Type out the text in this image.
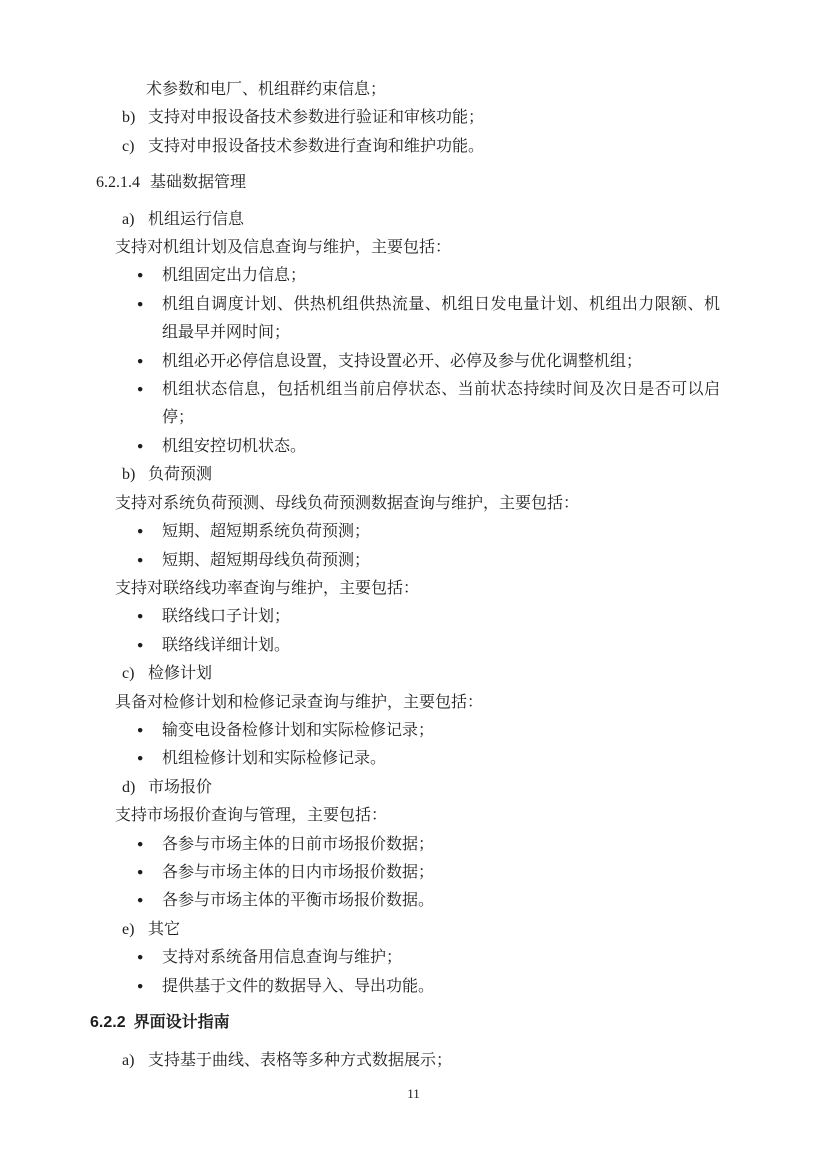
术参数和电厂、机组群约束信息；
b) 支持对申报设备技术参数进行验证和审核功能；
c) 支持对申报设备技术参数进行查询和维护功能。
6.2.1.4 基础数据管理
a) 机组运行信息
支持对机组计划及信息查询与维护，主要包括：
●	机组固定出力信息；
●	机组自调度计划、供热机组供热流量、机组日发电量计划、机组出力限额、机组最早并网时间；
●	机组必开必停信息设置，支持设置必开、必停及参与优化调整机组；
●	机组状态信息，包括机组当前启停状态、当前状态持续时间及次日是否可以启停；
●	机组安控切机状态。
b) 负荷预测
支持对系统负荷预测、母线负荷预测数据查询与维护，主要包括：
●	短期、超短期系统负荷预测；
●	短期、超短期母线负荷预测；
支持对联络线功率查询与维护，主要包括：
●	联络线口子计划；
●	联络线详细计划。
c) 检修计划
具备对检修计划和检修记录查询与维护，主要包括：
●	输变电设备检修计划和实际检修记录；
●	机组检修计划和实际检修记录。
d) 市场报价
支持市场报价查询与管理，主要包括：
●	各参与市场主体的日前市场报价数据；
●	各参与市场主体的日内市场报价数据；
●	各参与市场主体的平衡市场报价数据。
e) 其它
●	支持对系统备用信息查询与维护；
●	提供基于文件的数据导入、导出功能。
6.2.2 界面设计指南
a) 支持基于曲线、表格等多种方式数据展示；
11
